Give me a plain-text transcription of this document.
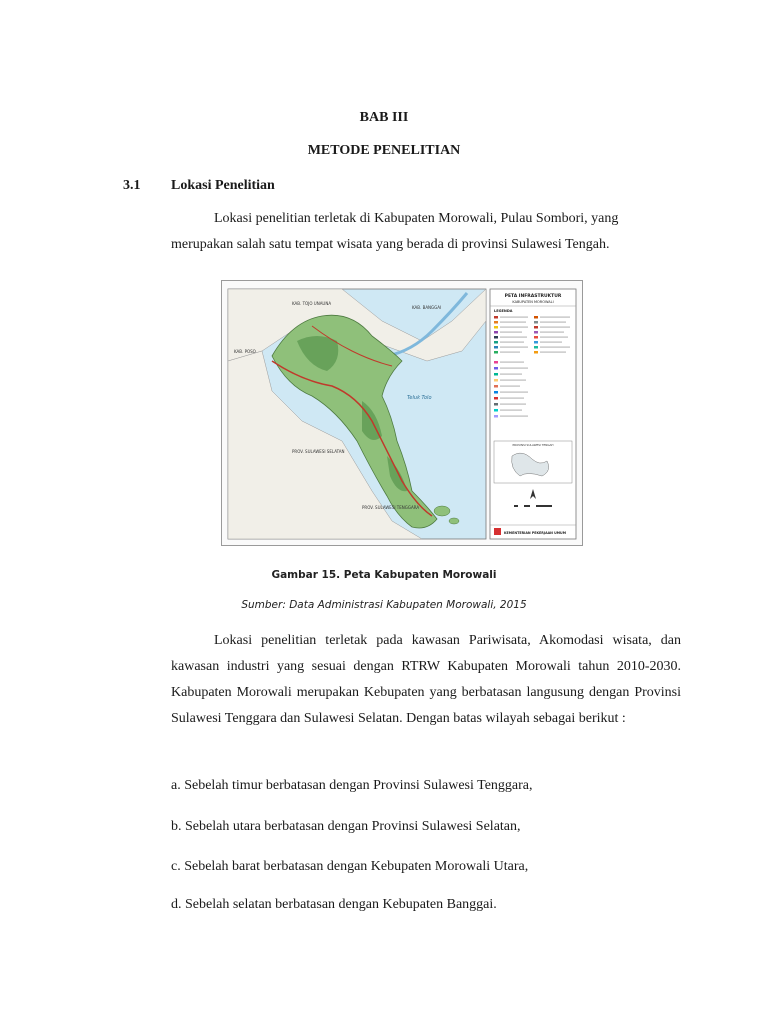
BAB III
METODE PENELITIAN
3.1 Lokasi Penelitian
Lokasi penelitian terletak di Kabupaten Morowali, Pulau Sombori, yang
merupakan salah satu tempat wisata yang berada di provinsi Sulawesi Tengah.
KAB. TOJO UNAUNA
KAB. BANGGAI
KAB. POSO
Teluk Tolo
PROV. SULAWESI SELATAN
PROV. SULAWESI TENGGARA
PETA INFRASTRUKTUR
KABUPATEN MOROWALI
LEGENDA
PROVINSI SULAWESI TENGAH
KEMENTERIAN PEKERJAAN UMUM
Gambar 15. Peta Kabupaten Morowali
Sumber: Data Administrasi Kabupaten Morowali, 2015
Lokasi penelitian terletak pada kawasan Pariwisata, Akomodasi wisata, dan kawasan industri yang sesuai dengan RTRW Kabupaten Morowali tahun 2010-2030. Kabupaten Morowali merupakan Kebupaten yang berbatasan langusung dengan Provinsi Sulawesi Tenggara dan Sulawesi Selatan. Dengan batas wilayah sebagai berikut :
a. Sebelah timur berbatasan dengan Provinsi Sulawesi Tenggara,
b. Sebelah utara berbatasan dengan Provinsi Sulawesi Selatan,
c. Sebelah barat berbatasan dengan Kebupaten Morowali Utara,
d. Sebelah selatan berbatasan dengan Kebupaten Banggai.
